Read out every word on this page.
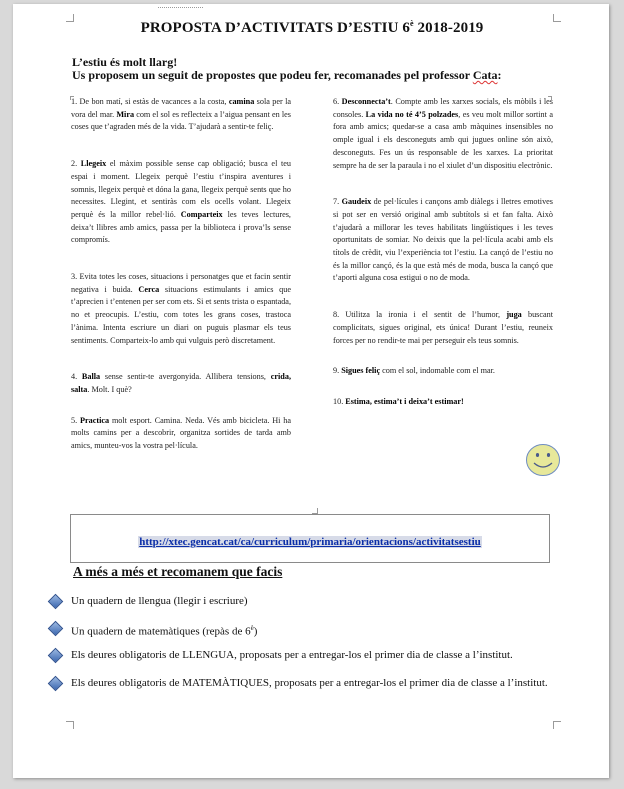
PROPOSTA D’ACTIVITATS D’ESTIU $6^è$ 2018-2019
L’estiu és molt llarg!
Us proposem un seguit de propostes que podeu fer, recomanades pel professor Cata:

1. De bon matí, si estàs de vacances a la costa, camina sola per la vora del mar. Mira com el sol es reflecteix a l’aigua pensant en les coses que t’agraden més de la vida. T’ajudarà a sentir-te feliç.

2. Llegeix el màxim possible sense cap obligació; busca el teu espai i moment. Llegeix perquè l’estiu t’inspira aventures i somnis, llegeix perquè et dóna la gana, llegeix perquè sents que ho necessites. Llegint, et sentiràs com els ocells volant. Llegeix perquè és la millor rebel·lió. Comparteix les teves lectures, deixa’t llibres amb amics, passa per la biblioteca i prova’ls sense compromís.

3. Evita totes les coses, situacions i personatges que et facin sentir negativa i buida. Cerca situacions estimulants i amics que t’aprecien i t’entenen per ser com ets. Si et sents trista o espantada, no et preocupis. L’estiu, com totes les grans coses, trastoca l’ànima. Intenta escriure un diari on puguis plasmar els teus sentiments. Comparteix-lo amb qui vulguis però discretament.

4. Balla sense sentir-te avergonyida. Allibera tensions, crida, salta. Molt. I què?

5. Practica molt esport. Camina. Neda. Vés amb bicicleta. Hi ha molts camins per a descobrir, organitza sortides de tarda amb amics, munteu-vos la vostra pel·lícula.

6. Desconnecta’t. Compte amb les xarxes socials, els mòbils i les consoles. La vida no té 4’5 polzades, es veu molt millor sortint a fora amb amics; quedar-se a casa amb màquines insensibles no omple igual i els desconeguts amb qui jugues online són això, desconeguts. Fes un ús responsable de les xarxes. La prioritat sempre ha de ser la paraula i no el xiulet d’un dispositiu electrònic.

7. Gaudeix de pel·lícules i cançons amb diàlegs i lletres emotives si pot ser en versió original amb subtítols si et fan falta. Això t’ajudarà a millorar les teves habilitats lingüístiques i les teves oportunitats de somiar. No deixis que la pel·lícula acabi amb els títols de crèdit, viu l’experiència tot l’estiu. La cançó de l’estiu no és la millor cançó, és la que està més de moda, busca la cançó que t’aporti alguna cosa estigui o no de moda.

8. Utilitza la ironia i el sentit de l’humor, juga buscant complicitats, sigues original, ets única! Durant l’estiu, reuneix forces per no rendir-te mai per perseguir els teus somnis.

9. Sigues feliç com el sol, indomable com el mar.

10. Estima, estima’t i deixa’t estimar!

http://xtec.gencat.cat/ca/curriculum/primaria/orientacions/activitatsestiu
A més a més et recomanem que facis
Un quadern de llengua (llegir i escriure)
Un quadern de matemàtiques (repàs de $6^è$)
Els deures obligatoris de LLENGUA, proposats per a entregar-los el primer dia de classe a l’institut.
Els deures obligatoris de MATEMÀTIQUES, proposats per a entregar-los el primer dia de classe a l’institut.
